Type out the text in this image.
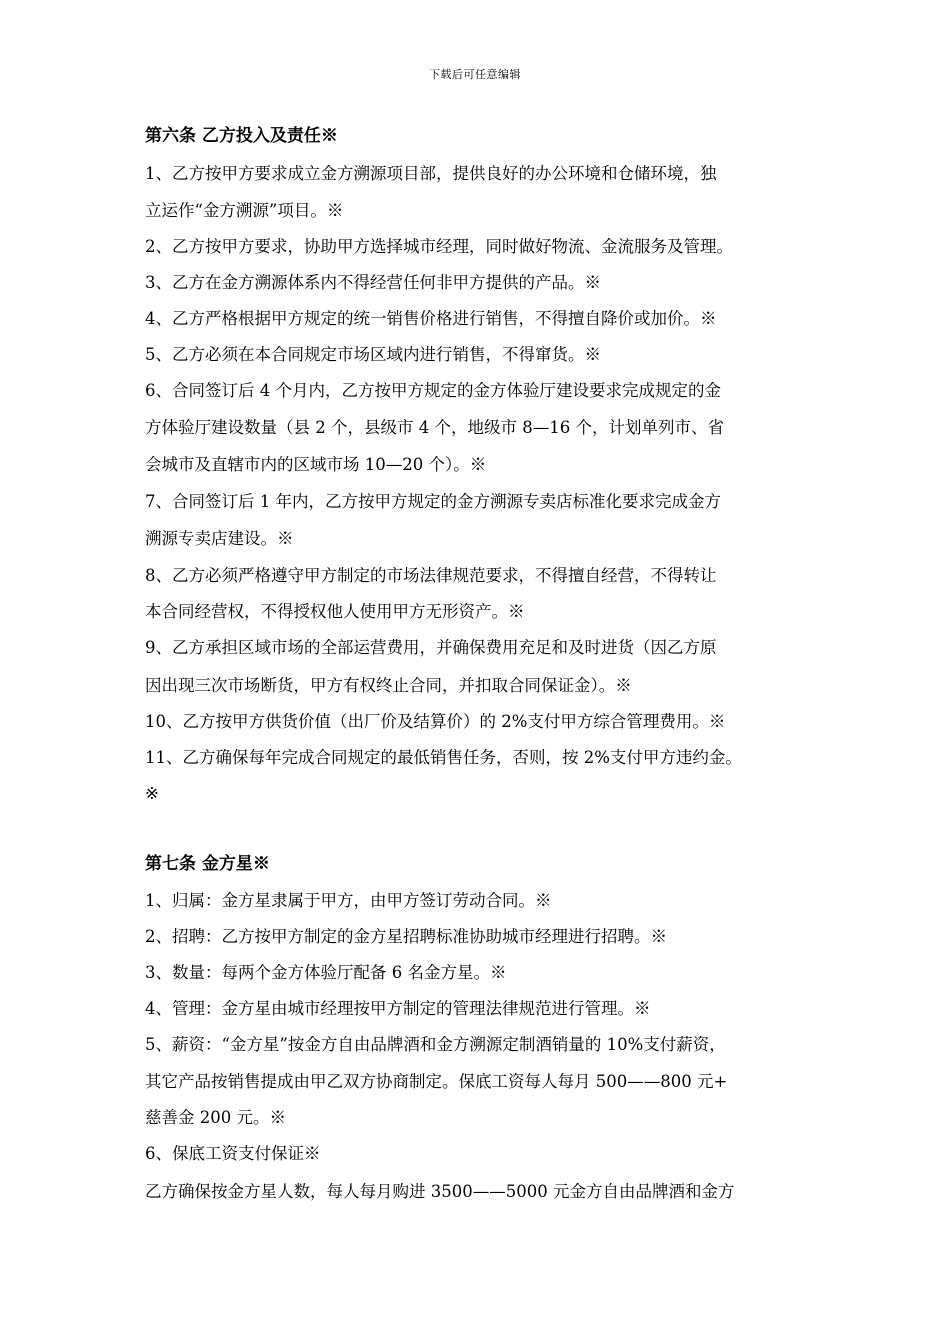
下载后可任意编辑
第六条 乙方投入及责任※
1、乙方按甲方要求成立金方溯源项目部，提供良好的办公环境和仓储环境，独
立运作“金方溯源”项目。※
2、乙方按甲方要求，协助甲方选择城市经理，同时做好物流、金流服务及管理。
3、乙方在金方溯源体系内不得经营任何非甲方提供的产品。※
4、乙方严格根据甲方规定的统一销售价格进行销售，不得擅自降价或加价。※
5、乙方必须在本合同规定市场区域内进行销售，不得窜货。※
6、合同签订后 4 个月内，乙方按甲方规定的金方体验厅建设要求完成规定的金
方体验厅建设数量（县 2 个，县级市 4 个，地级市 8—16 个，计划单列市、省
会城市及直辖市内的区域市场 10—20 个）。※
7、合同签订后 1 年内，乙方按甲方规定的金方溯源专卖店标准化要求完成金方
溯源专卖店建设。※
8、乙方必须严格遵守甲方制定的市场法律规范要求，不得擅自经营，不得转让
本合同经营权，不得授权他人使用甲方无形资产。※
9、乙方承担区域市场的全部运营费用，并确保费用充足和及时进货（因乙方原
因出现三次市场断货，甲方有权终止合同，并扣取合同保证金）。※
10、乙方按甲方供货价值（出厂价及结算价）的 2%支付甲方综合管理费用。※
11、乙方确保每年完成合同规定的最低销售任务，否则，按 2%支付甲方违约金。
※
第七条 金方星※
1、归属：金方星隶属于甲方，由甲方签订劳动合同。※
2、招聘：乙方按甲方制定的金方星招聘标准协助城市经理进行招聘。※
3、数量：每两个金方体验厅配备 6 名金方星。※
4、管理：金方星由城市经理按甲方制定的管理法律规范进行管理。※
5、薪资：“金方星”按金方自由品牌酒和金方溯源定制酒销量的 10%支付薪资，
其它产品按销售提成由甲乙双方协商制定。保底工资每人每月 500——800 元+
慈善金 200 元。※
6、保底工资支付保证※
乙方确保按金方星人数，每人每月购进 3500——5000 元金方自由品牌酒和金方
